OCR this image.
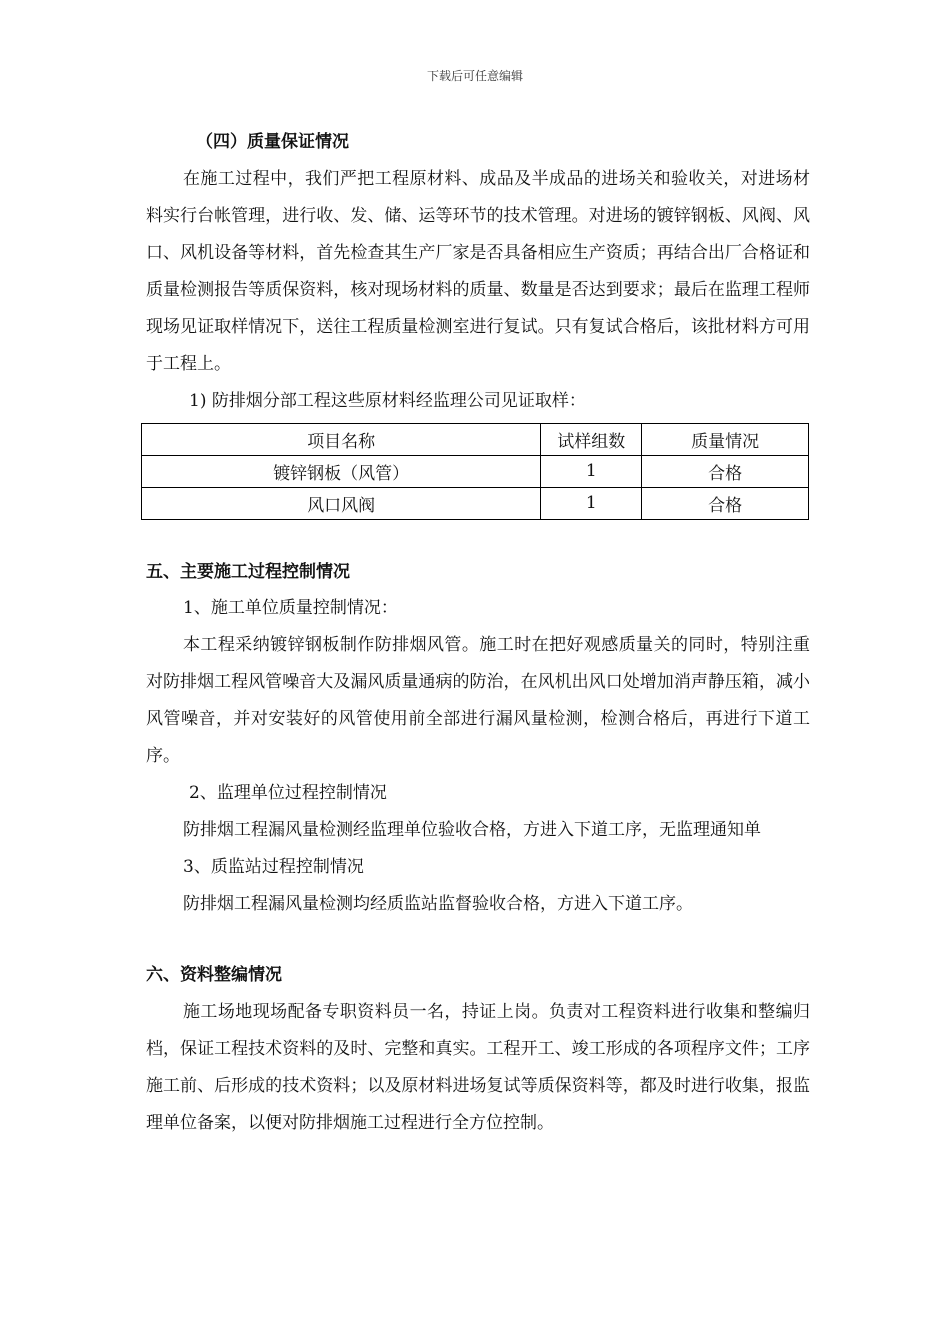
下载后可任意编辑
（四）质量保证情况

在施工过程中，我们严把工程原材料、成品及半成品的进场关和验收关，对进场材料实行台帐管理，进行收、发、储、运等环节的技术管理。对进场的镀锌钢板、风阀、风口、风机设备等材料，首先检查其生产厂家是否具备相应生产资质；再结合出厂合格证和质量检测报告等质保资料，核对现场材料的质量、数量是否达到要求；最后在监理工程师现场见证取样情况下，送往工程质量检测室进行复试。只有复试合格后，该批材料方可用于工程上。

1) 防排烟分部工程这些原材料经监理公司见证取样：

项目名称	试样组数	质量情况
镀锌钢板（风管）	1	合格
风口风阀	1	合格
五、主要施工过程控制情况

1、施工单位质量控制情况：

本工程采纳镀锌钢板制作防排烟风管。施工时在把好观感质量关的同时，特别注重对防排烟工程风管噪音大及漏风质量通病的防治，在风机出风口处增加消声静压箱，减小风管噪音，并对安装好的风管使用前全部进行漏风量检测，检测合格后，再进行下道工序。

2、监理单位过程控制情况

防排烟工程漏风量检测经监理单位验收合格，方进入下道工序，无监理通知单

3、质监站过程控制情况

防排烟工程漏风量检测均经质监站监督验收合格，方进入下道工序。

六、资料整编情况

施工场地现场配备专职资料员一名，持证上岗。负责对工程资料进行收集和整编归档，保证工程技术资料的及时、完整和真实。工程开工、竣工形成的各项程序文件；工序施工前、后形成的技术资料；以及原材料进场复试等质保资料等，都及时进行收集，报监理单位备案，以便对防排烟施工过程进行全方位控制。
